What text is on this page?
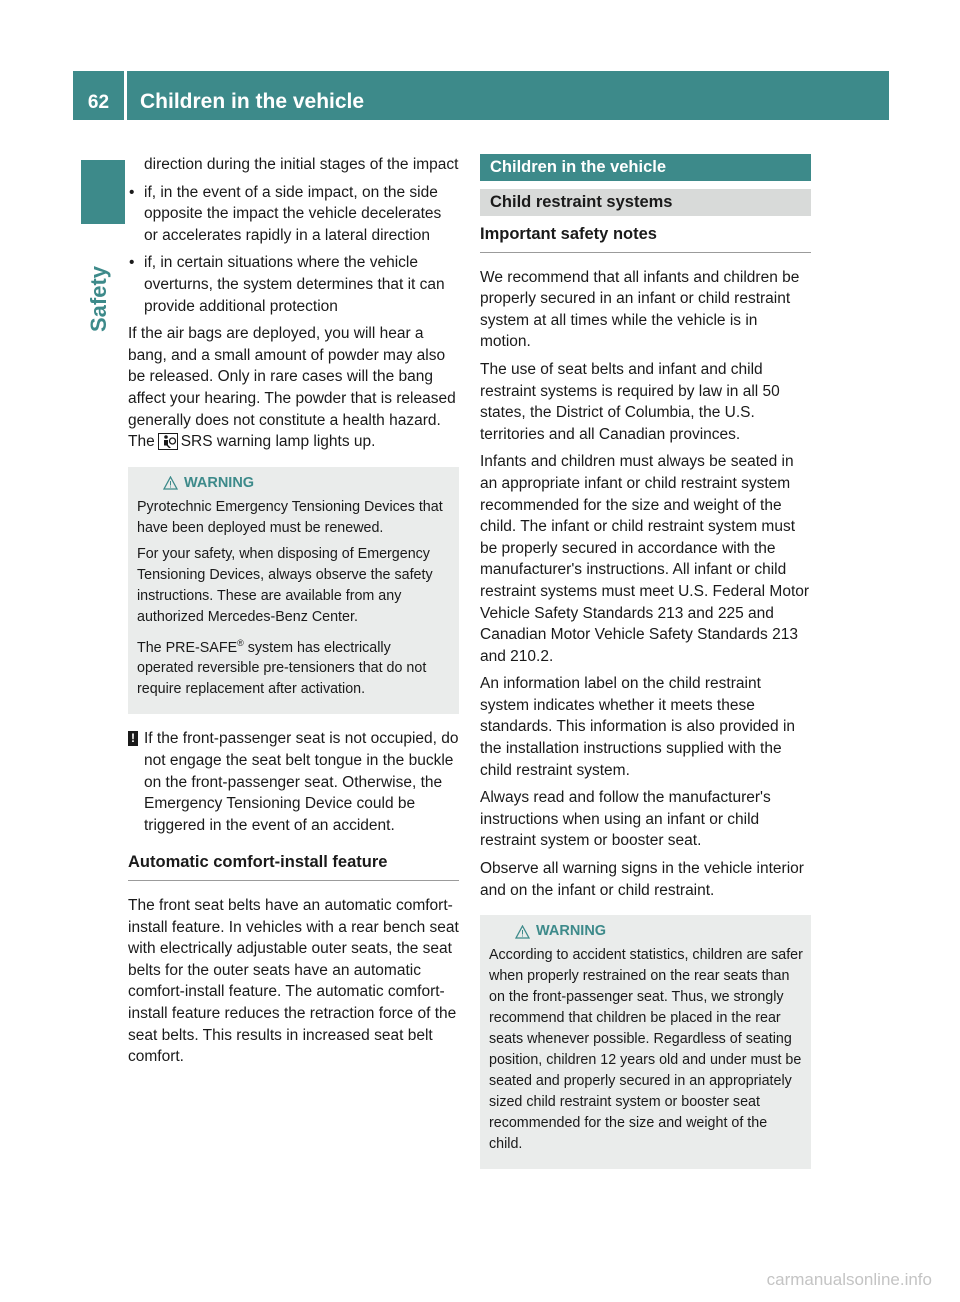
62	Children in the vehicle
Safety

direction during the initial stages of the impact

• if, in the event of a side impact, on the side opposite the impact the vehicle decelerates or accelerates rapidly in a lateral direction

• if, in certain situations where the vehicle overturns, the system determines that it can provide additional protection

If the air bags are deployed, you will hear a bang, and a small amount of powder may also be released. Only in rare cases will the bang affect your hearing. The powder that is released generally does not constitute a health hazard. The SRS warning lamp lights up.

WARNING

Pyrotechnic Emergency Tensioning Devices that have been deployed must be renewed.

For your safety, when disposing of Emergency Tensioning Devices, always observe the safety instructions. These are available from any authorized Mercedes-Benz Center.

The PRE-SAFE® system has electrically operated reversible pre-tensioners that do not require replacement after activation.

! If the front-passenger seat is not occupied, do not engage the seat belt tongue in the buckle on the front-passenger seat. Otherwise, the Emergency Tensioning Device could be triggered in the event of an accident.
Automatic comfort-install feature

The front seat belts have an automatic comfort-install feature. In vehicles with a rear bench seat with electrically adjustable outer seats, the seat belts for the outer seats have an automatic comfort-install feature. The automatic comfort-install feature reduces the retraction force of the seat belts. This results in increased seat belt comfort.

Children in the vehicle
Child restraint systems
Important safety notes

We recommend that all infants and children be properly secured in an infant or child restraint system at all times while the vehicle is in motion.

The use of seat belts and infant and child restraint systems is required by law in all 50 states, the District of Columbia, the U.S. territories and all Canadian provinces.

Infants and children must always be seated in an appropriate infant or child restraint system recommended for the size and weight of the child. The infant or child restraint system must be properly secured in accordance with the manufacturer's instructions. All infant or child restraint systems must meet U.S. Federal Motor Vehicle Safety Standards 213 and 225 and Canadian Motor Vehicle Safety Standards 213 and 210.2.

An information label on the child restraint system indicates whether it meets these standards. This information is also provided in the installation instructions supplied with the child restraint system.

Always read and follow the manufacturer's instructions when using an infant or child restraint system or booster seat.

Observe all warning signs in the vehicle interior and on the infant or child restraint.

WARNING

According to accident statistics, children are safer when properly restrained on the rear seats than on the front-passenger seat. Thus, we strongly recommend that children be placed in the rear seats whenever possible. Regardless of seating position, children 12 years old and under must be seated and properly secured in an appropriately sized child restraint system or booster seat recommended for the size and weight of the child.

carmanualsonline.info
